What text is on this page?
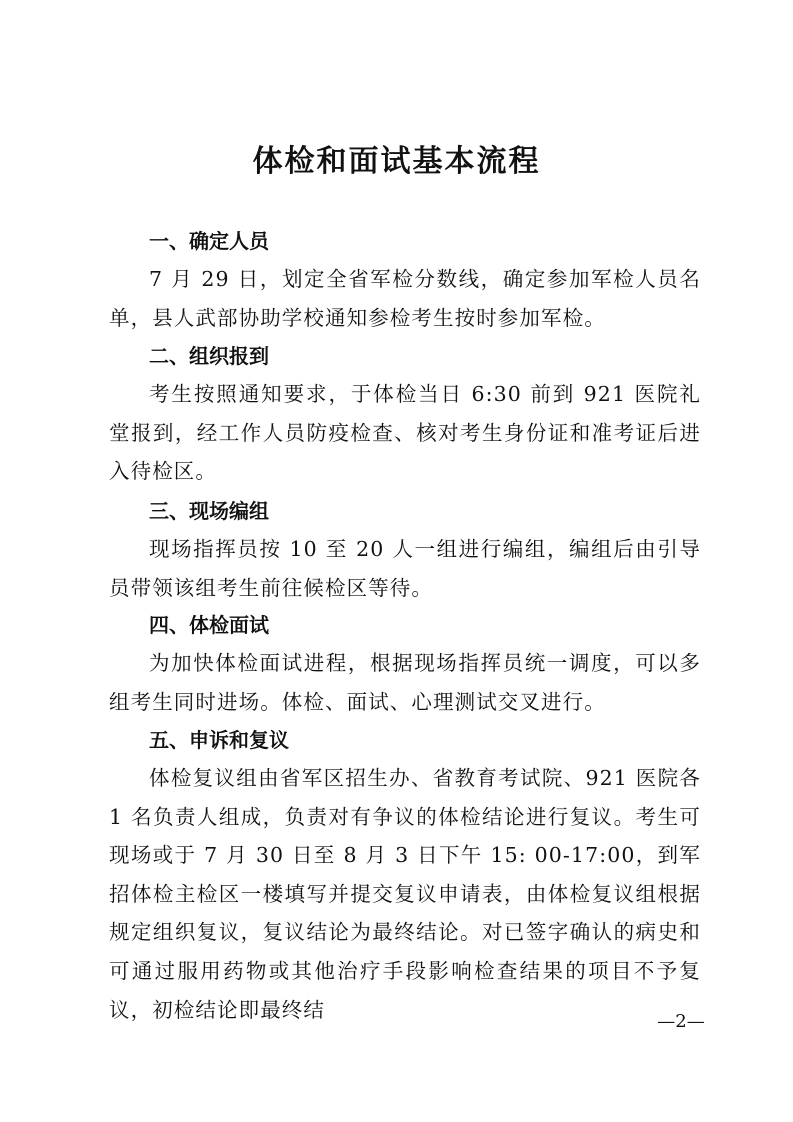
体检和面试基本流程
一、确定人员
7 月 29 日，划定全省军检分数线，确定参加军检人员名单，县人武部协助学校通知参检考生按时参加军检。
二、组织报到
考生按照通知要求，于体检当日 6:30 前到 921 医院礼堂报到，经工作人员防疫检查、核对考生身份证和准考证后进入待检区。
三、现场编组
现场指挥员按 10 至 20 人一组进行编组，编组后由引导员带领该组考生前往候检区等待。
四、体检面试
为加快体检面试进程，根据现场指挥员统一调度，可以多组考生同时进场。体检、面试、心理测试交叉进行。
五、申诉和复议
体检复议组由省军区招生办、省教育考试院、921 医院各 1 名负责人组成，负责对有争议的体检结论进行复议。考生可现场或于 7 月 30 日至 8 月 3 日下午 15: 00-17:00，到军招体检主检区一楼填写并提交复议申请表，由体检复议组根据规定组织复议，复议结论为最终结论。对已签字确认的病史和可通过服用药物或其他治疗手段影响检查结果的项目不予复议，初检结论即最终结	—2—
